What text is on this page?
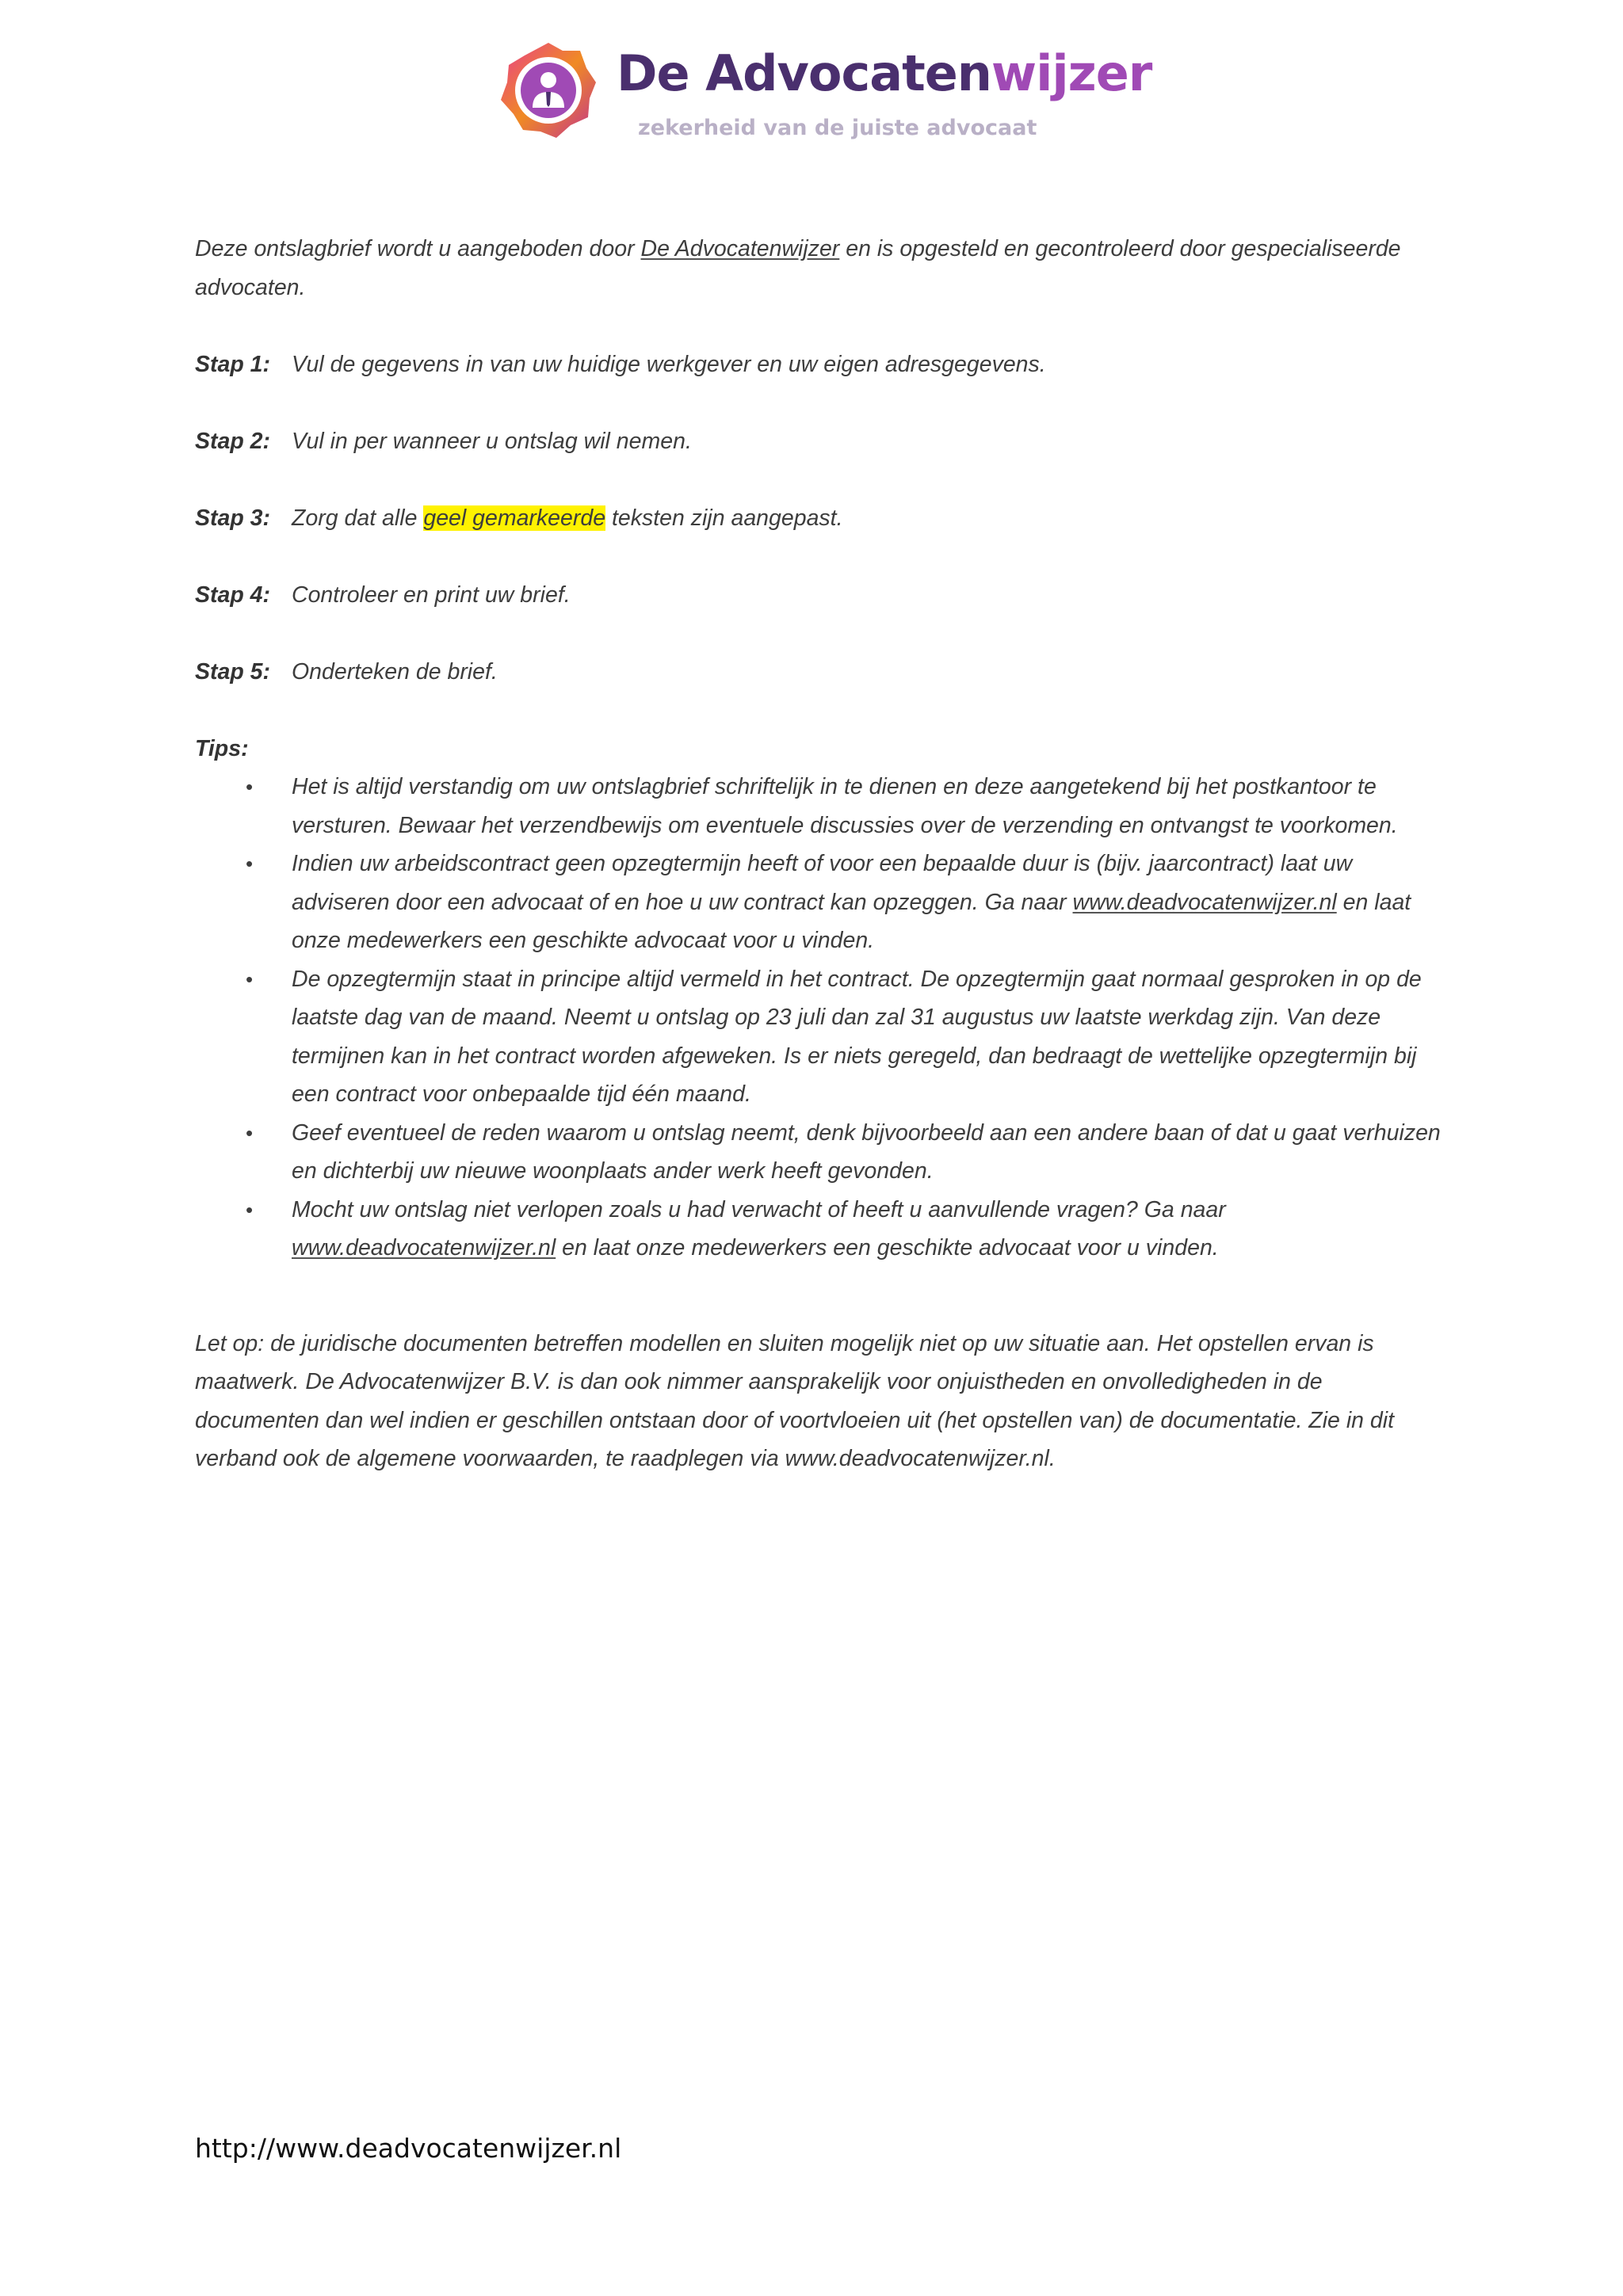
De Advocatenwijzer
zekerheid van de juiste advocaat

Deze ontslagbrief wordt u aangeboden door De Advocatenwijzer en is opgesteld en gecontroleerd door gespecialiseerde advocaten.

Stap 1: Vul de gegevens in van uw huidige werkgever en uw eigen adresgegevens.
Stap 2: Vul in per wanneer u ontslag wil nemen.
Stap 3: Zorg dat alle geel gemarkeerde teksten zijn aangepast.
Stap 4: Controleer en print uw brief.
Stap 5: Onderteken de brief.

Tips:

• Het is altijd verstandig om uw ontslagbrief schriftelijk in te dienen en deze aangetekend bij het postkantoor te versturen. Bewaar het verzendbewijs om eventuele discussies over de verzending en ontvangst te voorkomen.
• Indien uw arbeidscontract geen opzegtermijn heeft of voor een bepaalde duur is (bijv. jaarcontract) laat uw adviseren door een advocaat of en hoe u uw contract kan opzeggen. Ga naar www.deadvocatenwijzer.nl en laat onze medewerkers een geschikte advocaat voor u vinden.
• De opzegtermijn staat in principe altijd vermeld in het contract. De opzegtermijn gaat normaal gesproken in op de laatste dag van de maand. Neemt u ontslag op 23 juli dan zal 31 augustus uw laatste werkdag zijn. Van deze termijnen kan in het contract worden afgeweken. Is er niets geregeld, dan bedraagt de wettelijke opzegtermijn bij een contract voor onbepaalde tijd één maand.
• Geef eventueel de reden waarom u ontslag neemt, denk bijvoorbeeld aan een andere baan of dat u gaat verhuizen en dichterbij uw nieuwe woonplaats ander werk heeft gevonden.
• Mocht uw ontslag niet verlopen zoals u had verwacht of heeft u aanvullende vragen? Ga naar www.deadvocatenwijzer.nl en laat onze medewerkers een geschikte advocaat voor u vinden.

Let op: de juridische documenten betreffen modellen en sluiten mogelijk niet op uw situatie aan. Het opstellen ervan is maatwerk. De Advocatenwijzer B.V. is dan ook nimmer aansprakelijk voor onjuistheden en onvolledigheden in de documenten dan wel indien er geschillen ontstaan door of voortvloeien uit (het opstellen van) de documentatie. Zie in dit verband ook de algemene voorwaarden, te raadplegen via www.deadvocatenwijzer.nl.

http://www.deadvocatenwijzer.nl
